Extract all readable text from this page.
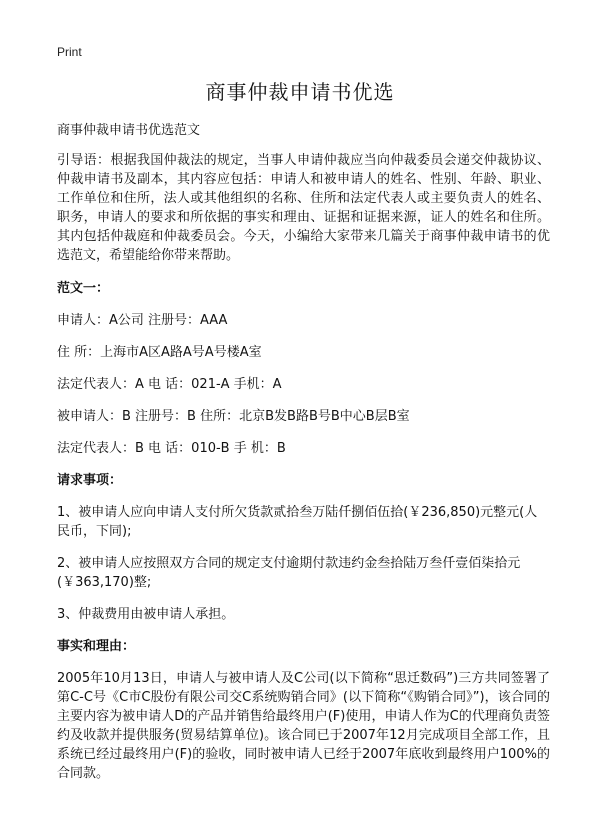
Print
商事仲裁申请书优选

商事仲裁申请书优选范文

引导语：根据我国仲裁法的规定，当事人申请仲裁应当向仲裁委员会递交仲裁协议、仲裁申请书及副本，其内容应包括：申请人和被申请人的姓名、性别、年龄、职业、工作单位和住所，法人或其他组织的名称、住所和法定代表人或主要负责人的姓名、职务，申请人的要求和所依据的事实和理由、证据和证据来源，证人的姓名和住所。其内包括仲裁庭和仲裁委员会。今天，小编给大家带来几篇关于商事仲裁申请书的优选范文，希望能给你带来帮助。

范文一：

申请人：A公司 注册号：AAA

住 所：上海市A区A路A号A号楼A室

法定代表人：A 电 话：021-A 手机：A

被申请人：B 注册号：B 住所：北京B发B路B号B中心B层B室

法定代表人：B 电 话：010-B 手 机：B

请求事项：

1、被申请人应向申请人支付所欠货款贰拾叁万陆仟捌佰伍拾(￥236,850)元整元(人民币，下同);

2、被申请人应按照双方合同的规定支付逾期付款违约金叁拾陆万叁仟壹佰柒拾元(￥363,170)整;

3、仲裁费用由被申请人承担。

事实和理由：

2005年10月13日，申请人与被申请人及C公司(以下简称“思迁数码”)三方共同签署了第C-C号《C市C股份有限公司交C系统购销合同》(以下简称“《购销合同》”)，该合同的主要内容为被申请人D的产品并销售给最终用户(F)使用，申请人作为C的代理商负责签约及收款并提供服务(贸易结算单位)。该合同已于2007年12月完成项目全部工作，且系统已经过最终用户(F)的验收，同时被申请人已经于2007年底收到最终用户100%的合同款。
